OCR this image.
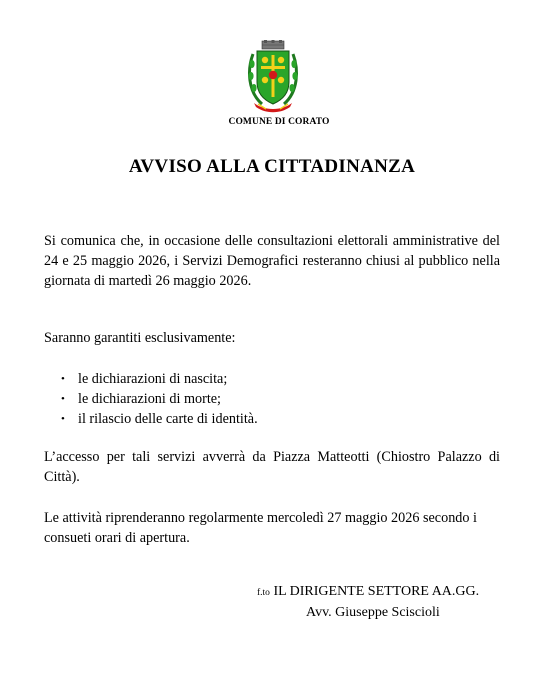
COMUNE DI CORATO
AVVISO ALLA CITTADINANZA
Si comunica che, in occasione delle consultazioni elettorali amministrative del 24 e 25 maggio 2026, i Servizi Demografici resteranno chiusi al pubblico nella giornata di martedì 26 maggio 2026.
Saranno garantiti esclusivamente:
• le dichiarazioni di nascita;
• le dichiarazioni di morte;
• il rilascio delle carte di identità.
L’accesso per tali servizi avverrà da Piazza Matteotti (Chiostro Palazzo di Città).
Le attività riprenderanno regolarmente mercoledì 27 maggio 2026 secondo i consueti orari di apertura.
f.to IL DIRIGENTE SETTORE AA.GG.
Avv. Giuseppe Sciscioli
